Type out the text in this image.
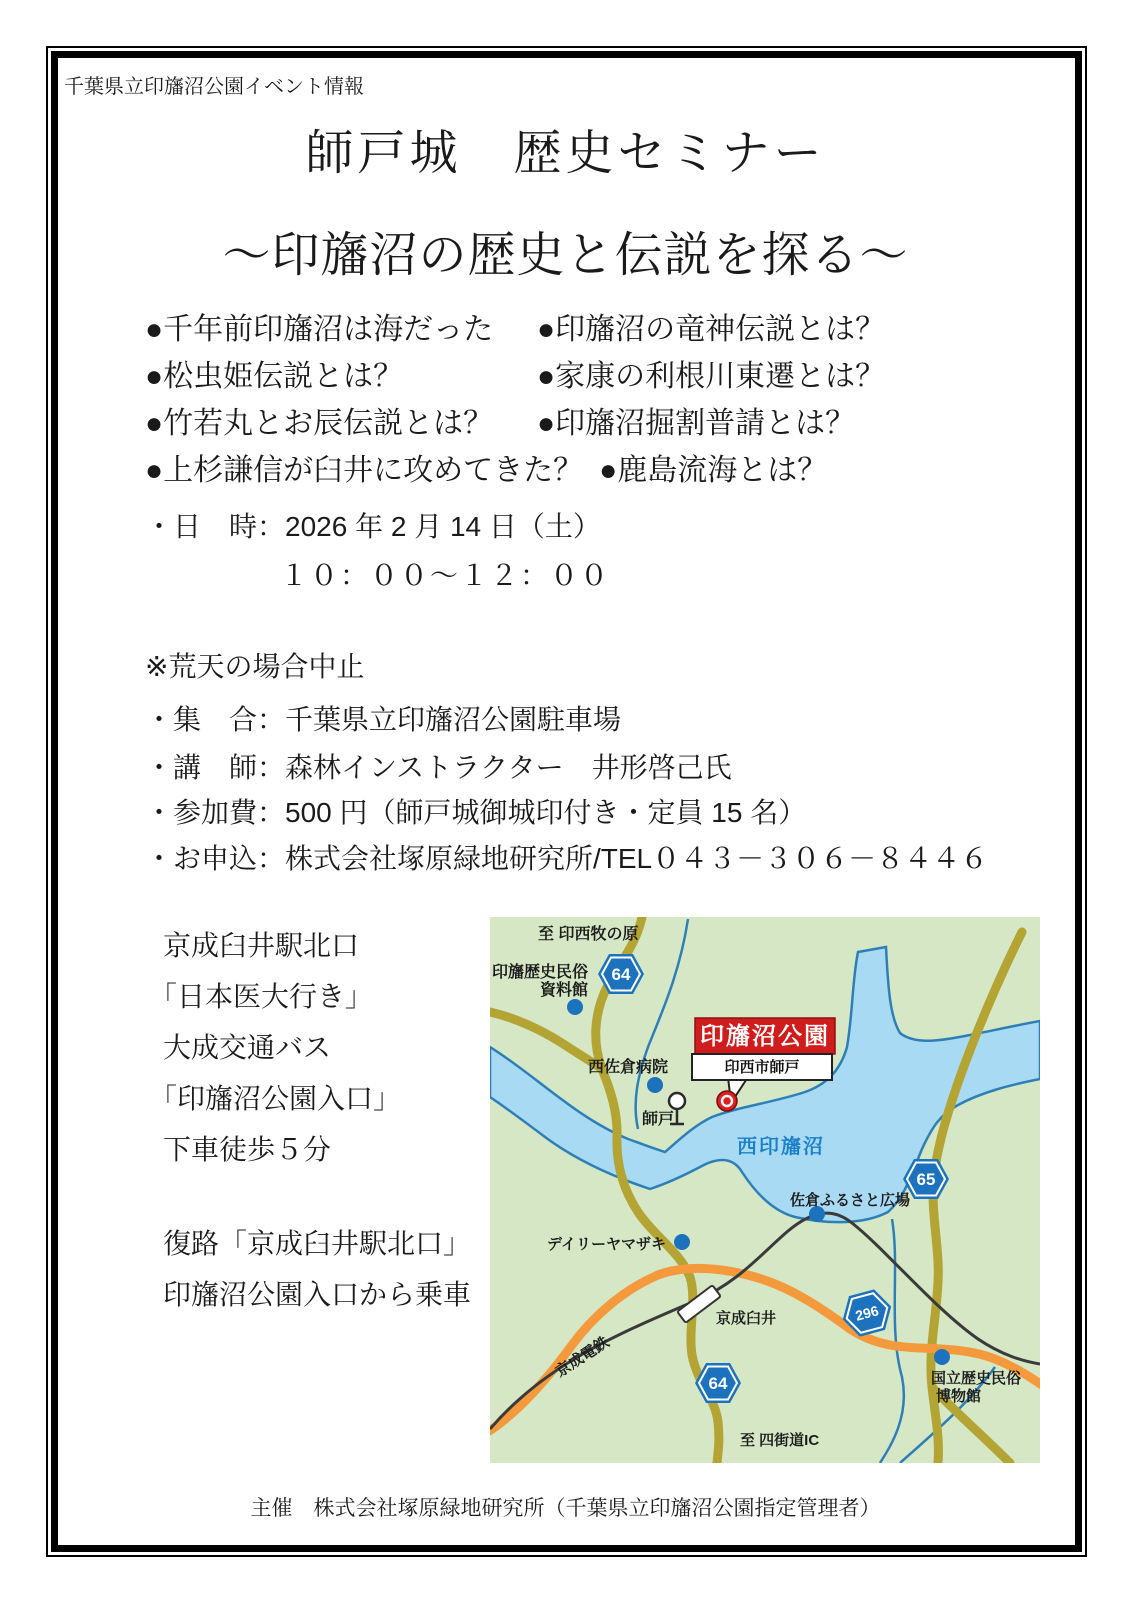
千葉県立印旛沼公園イベント情報
師戸城　歴史セミナー
～印旛沼の歴史と伝説を探る～
●千年前印旛沼は海だった	●印旛沼の竜神伝説とは？
●松虫姫伝説とは？	●家康の利根川東遷とは？
●竹若丸とお辰伝説とは？	●印旛沼掘割普請とは？
●上杉謙信が臼井に攻めてきた？ ●鹿島流海とは？
・日　時：2026 年 2 月 14 日（土）
１０：００～１２：００
※荒天の場合中止
・集　合：千葉県立印旛沼公園駐車場
・講　師：森林インストラクター　井形啓己氏
・参加費：500 円（師戸城御城印付き・定員 15 名）
・お申込：株式会社塚原緑地研究所/TEL０４３－３０６－８４４６
京成臼井駅北口
「日本医大行き」
大成交通バス
「印旛沼公園入口」
下車徒歩５分
復路「京成臼井駅北口」
印旛沼公園入口から乗車
至 印西牧の原
印旛歴史民俗
資料館
西佐倉病院
師戸
西印旛沼
佐倉ふるさと広場
デイリーヤマザキ
京成臼井
京成電鉄	国立歴史民俗
博物館
至 四街道IC
64
65
296
64
印旛沼公園
印西市師戸
主催　株式会社塚原緑地研究所（千葉県立印旛沼公園指定管理者）
